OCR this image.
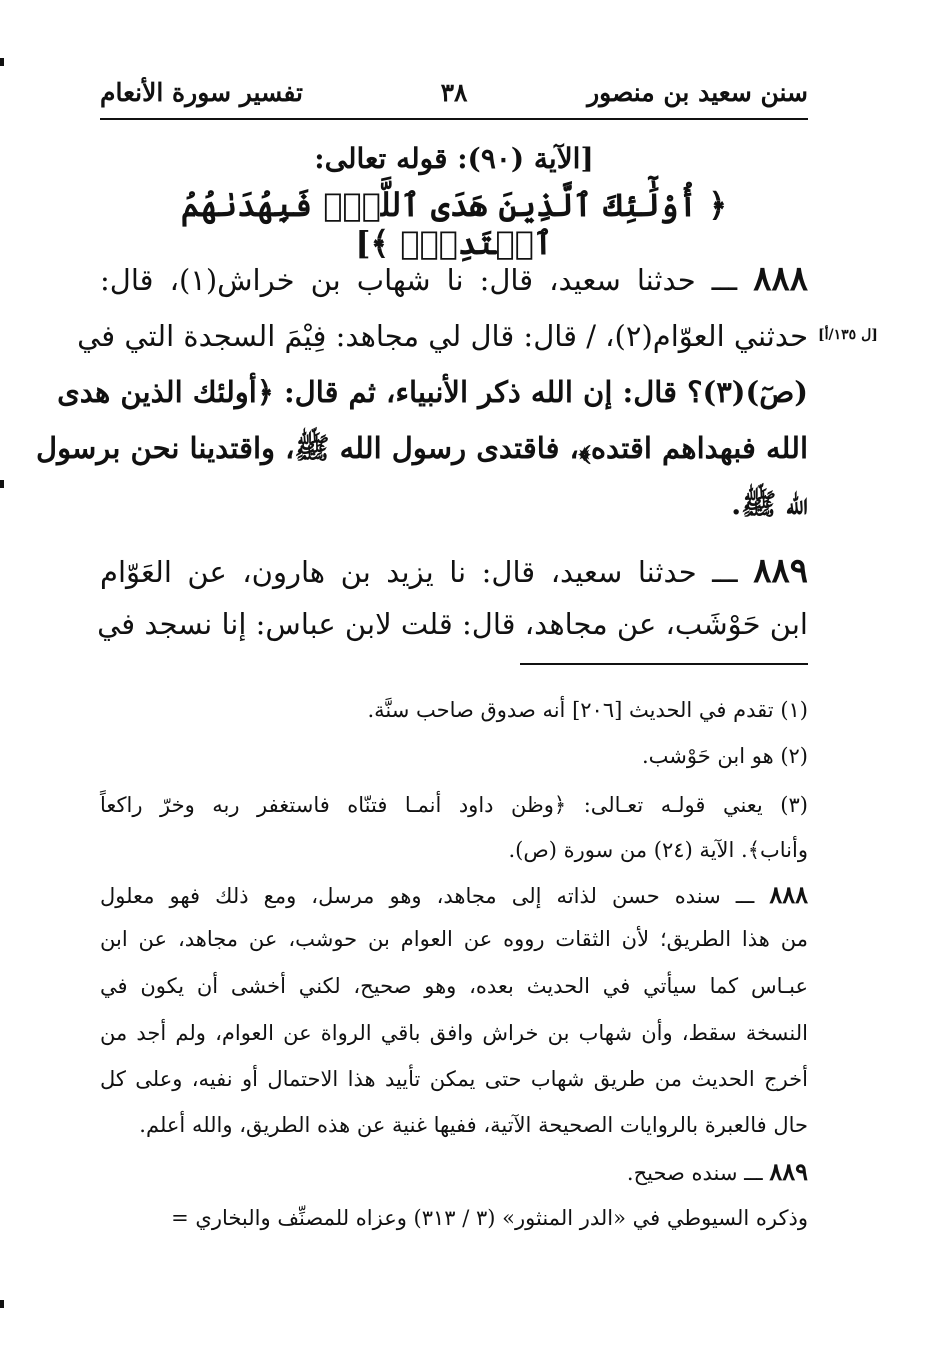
سنن سعيد بن منصور
٣٨
تفسير سورة الأنعام
[الآية (٩٠): قوله تعالى:
﴿ أُوْلَٰٓئِكَ ٱلَّذِينَ هَدَى ٱللَّهُۖ فَبِهُدَىٰهُمُ ٱقۡتَدِهۡۗ ﴾]
[ل ١٣٥/أ]
٨٨٨ ـــ حدثنا سعيد، قال: نا شهاب بن خراش(١)، قال:
حدثني العوّام(٢)، / قال: قال لي مجاهد: فِيْمَ السجدة التي في
(صٓ)(٣)؟ قال: إن الله ذكر الأنبياء، ثم قال: ﴿أولئك الذين هدى
الله فبهداهم اقتده﴾، فاقتدى رسول الله ﷺ، واقتدينا نحن برسول
الله ﷺ.
٨٨٩ ـــ حدثنا سعيد، قال: نا يزيد بن هارون، عن العَوّام
ابن حَوْشَب، عن مجاهد، قال: قلت لابن عباس: إنا نسجد في
(١) تقدم في الحديث [٢٠٦] أنه صدوق صاحب سنَّة.
(٢) هو ابن حَوْشب.
(٣) يعني قولـه تعـالى: ﴿وظن داود أنمـا فتنّاه فاستغفر ربه وخرّ راكعاً
وأناب﴾. الآية (٢٤) من سورة (ص).
٨٨٨ ـــ سنده حسن لذاته إلى مجاهد، وهو مرسل، ومع ذلك فهو معلول
من هذا الطريق؛ لأن الثقات رووه عن العوام بن حوشب، عن مجاهد، عن ابن
عبـاس كما سيأتي في الحديث بعده، وهو صحيح، لكني أخشى أن يكون في
النسخة سقط، وأن شهاب بن خراش وافق باقي الرواة عن العوام، ولم أجد من
أخرج الحديث من طريق شهاب حتى يمكن تأييد هذا الاحتمال أو نفيه، وعلى كل
حال فالعبرة بالروايات الصحيحة الآتية، ففيها غنية عن هذه الطريق، والله أعلم.
٨٨٩ ـــ سنده صحيح.
وذكره السيوطي في «الدر المنثور» (٣ / ٣١٣) وعزاه للمصنِّف والبخاري =
